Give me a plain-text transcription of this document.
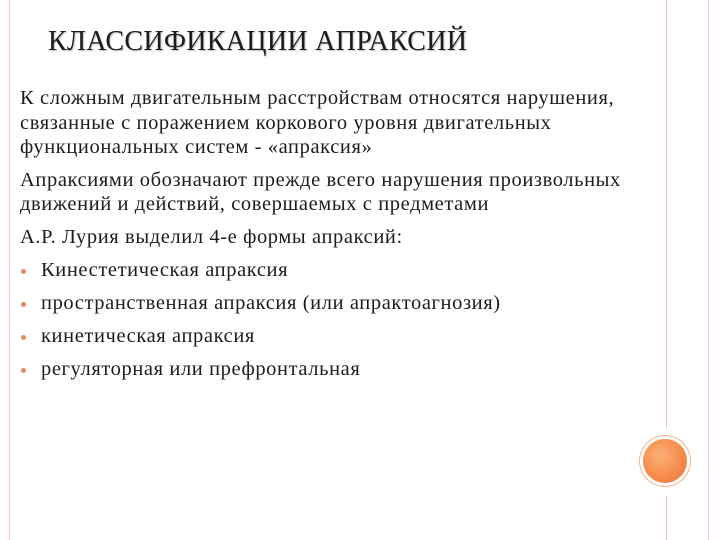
КЛАССИФИКАЦИИ АПРАКСИЙ

К сложным двигательным расстройствам относятся нарушения, связанные с поражением коркового уровня двигательных функциональных систем - «апраксия»

Апраксиями обозначают прежде всего нарушения произвольных движений и действий, совершаемых с предметами

А.Р. Лурия выделил 4-е формы апраксий:

Кинестетическая апраксия
пространственная апраксия (или апрактоагнозия)
кинетическая апраксия
регуляторная или префронтальная
